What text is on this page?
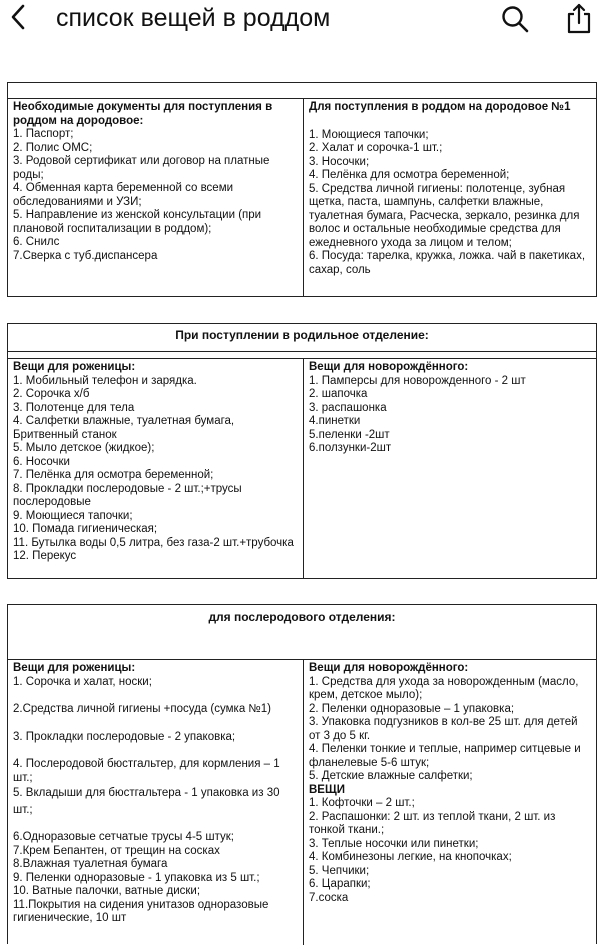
список вещей в роддом
Необходимые документы для поступления в роддом на дородовое:
1. Паспорт;
2. Полис ОМС;
3. Родовой сертификат или договор на платные роды;
4. Обменная карта беременной со всеми обследованиями и УЗИ;
5. Направление из женской консультации (при плановой госпитализации в роддом);
6. Снилс
7.Сверка с туб.диспансера
Для поступления в роддом на дородовое №1
1. Моющиеся тапочки;
2. Халат и сорочка-1 шт.;
3. Носочки;
4. Пелёнка для осмотра беременной;
5. Средства личной гигиены: полотенце, зубная щетка, паста, шампунь, салфетки влажные, туалетная бумага, Расческа, зеркало, резинка для волос и остальные необходимые средства для ежедневного ухода за лицом и телом;
6. Посуда: тарелка, кружка, ложка. чай в пакетиках, сахар, соль
При поступлении в родильное отделение:
Вещи для роженицы:
1. Мобильный телефон и зарядка.
2. Сорочка х/б
3. Полотенце для тела
4. Салфетки влажные, туалетная бумага, Бритвенный станок
5. Мыло детское (жидкое);
6. Носочки
7. Пелёнка для осмотра беременной;
8. Прокладки послеродовые - 2 шт.;+трусы послеродовые
9. Моющиеся тапочки;
10. Помада гигиеническая;
11. Бутылка воды 0,5 литра, без газа-2 шт.+трубочка
12. Перекус
Вещи для новорождённого:
1. Памперсы для новорожденного - 2 шт
2. шапочка
3. распашонка
4.пинетки
5.пеленки -2шт
6.ползунки-2шт
для послеродового отделения:
Вещи для роженицы:
1. Сорочка и халат, носки;
2.Средства личной гигиены +посуда (сумка №1)
3. Прокладки послеродовые - 2 упаковка;
4. Послеродовой бюстгальтер, для кормления – 1 шт.;
5. Вкладыши для бюстгальтера - 1 упаковка из 30 шт.;
6.Одноразовые сетчатые трусы 4-5 штук;
7.Крем Бепантен, от трещин на сосках
8.Влажная туалетная бумага
9. Пеленки одноразовые - 1 упаковка из 5 шт.;
10. Ватные палочки, ватные диски;
11.Покрытия на сидения унитазов одноразовые гигиенические, 10 шт
Вещи для новорождённого:
1. Средства для ухода за новорожденным (масло, крем, детское мыло);
2. Пеленки одноразовые – 1 упаковка;
3. Упаковка подгузников в кол-ве 25 шт. для детей от 3 до 5 кг.
4. Пеленки тонкие и теплые, например ситцевые и фланелевые 5-6 штук;
5. Детские влажные салфетки;
ВЕЩИ
1. Кофточки – 2 шт.;
2. Распашонки: 2 шт. из теплой ткани, 2 шт. из тонкой ткани.;
3. Теплые носочки или пинетки;
4. Комбинезоны легкие, на кнопочках;
5. Чепчики;
6. Царапки;
7.соска
